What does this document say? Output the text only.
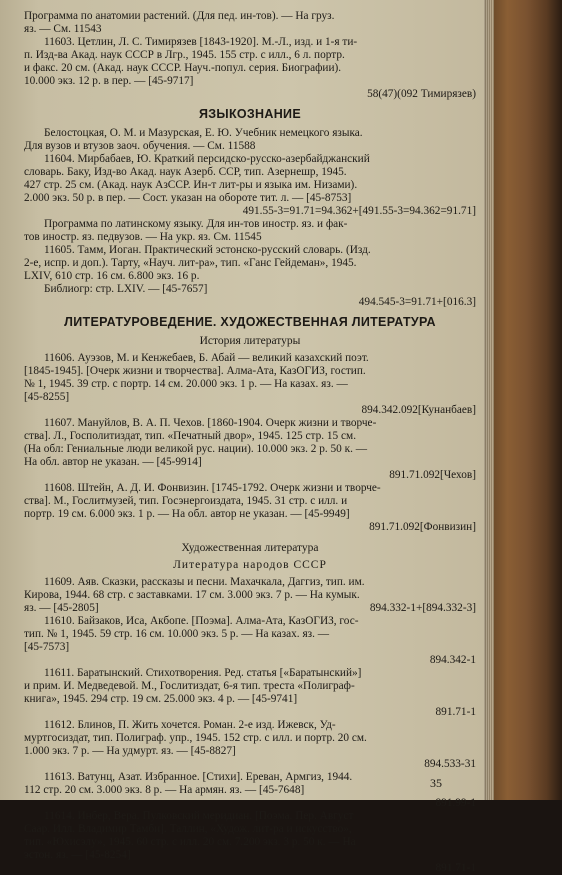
Программа по анатомии растений. (Для пед. ин-тов). — На груз.
яз. — См. 11543
11603. Цетлин, Л. С. Тимирязев [1843-1920]. М.-Л., изд. и 1-я ти-
п. Изд-ва Акад. наук СССР в Лгр., 1945. 155 стр. с илл., 6 л. портр.
и факс. 20 см. (Акад. наук СССР. Науч.-попул. серия. Биографии).
10.000 экз. 12 р. в пер. — [45-9717]
58(47)(092 Тимирязев)
ЯЗЫКОЗНАНИЕ
Белостоцкая, О. М. и Мазурская, Е. Ю. Учебник немецкого языка.
Для вузов и втузов заоч. обучения. — См. 11588
11604. Мирбабаев, Ю. Краткий персидско-русско-азербайджанский
словарь. Баку, Изд-во Акад. наук Азерб. ССР, тип. Азернешр, 1945.
427 стр. 25 см. (Акад. наук АзССР. Ин-т лит-ры и языка им. Низами).
2.000 экз. 50 р. в пер. — Сост. указан на обороте тит. л. — [45-8753]
491.55-3=91.71=94.362+[491.55-3=94.362=91.71]
Программа по латинскому языку. Для ин-тов иностр. яз. и фак-
тов иностр. яз. педвузов. — На укр. яз. См. 11545
11605. Тамм, Иоган. Практический эстонско-русский словарь. (Изд.
2-е, испр. и доп.). Тарту, «Науч. лит-ра», тип. «Ганс Гейдеман», 1945.
LXIV, 610 стр. 16 см. 6.800 экз. 16 р.
Библиогр: стр. LXIV. — [45-7657]
494.545-3=91.71+[016.3]
ЛИТЕРАТУРОВЕДЕНИЕ. ХУДОЖЕСТВЕННАЯ ЛИТЕРАТУРА
История литературы
11606. Ауэзов, М. и Кенжебаев, Б. Абай — великий казахский поэт.
[1845-1945]. [Очерк жизни и творчества]. Алма-Ата, КазОГИЗ, гостип.
№ 1, 1945. 39 стр. с портр. 14 см. 20.000 экз. 1 р. — На казах. яз. —
[45-8255]
894.342.092[Кунанбаев]
11607. Мануйлов, В. А. П. Чехов. [1860-1904. Очерк жизни и творче-
ства]. Л., Госполитиздат, тип. «Печатный двор», 1945. 125 стр. 15 см.
(На обл: Гениальные люди великой рус. нации). 10.000 экз. 2 р. 50 к. —
На обл. автор не указан. — [45-9914]
891.71.092[Чехов]
11608. Штейн, А. Д. И. Фонвизин. [1745-1792. Очерк жизни и творче-
ства]. М., Гослитмузей, тип. Госэнергоиздата, 1945. 31 стр. с илл. и
портр. 19 см. 6.000 экз. 1 р. — На обл. автор не указан. — [45-9949]
891.71.092[Фонвизин]
Художественная литература
Литература народов СССР
11609. Аяв. Сказки, рассказы и песни. Махачкала, Даггиз, тип. им.
Кирова, 1944. 68 стр. с заставками. 17 см. 3.000 экз. 7 р. — На кумык.
яз. — [45-2805]	894.332-1+[894.332-3]
11610. Байзаков, Иса, Акбопе. [Поэма]. Алма-Ата, КазОГИЗ, гос-
тип. № 1, 1945. 59 стр. 16 см. 10.000 экз. 5 р. — На казах. яз. —
[45-7573]
894.342-1
11611. Баратынский. Стихотворения. Ред. статья [«Баратынский»]
и прим. И. Медведевой. М., Гослитиздат, 6-я тип. треста «Полиграф-
книга», 1945. 294 стр. 19 см. 25.000 экз. 4 р. — [45-9741]
891.71-1
11612. Блинов, П. Жить хочется. Роман. 2-е изд. Ижевск, Уд-
муртгосиздат, тип. Полиграф. упр., 1945. 152 стр. с илл. и портр. 20 см.
1.000 экз. 7 р. — На удмурт. яз. — [45-8827]
894.533-31
11613. Ватунц, Азат. Избранное. [Стихи]. Ереван, Армгиз, 1944.
112 стр. 20 см. 3.000 экз. 8 р. — На армян. яз. — [45-7648]
891.99-1
11614. Инбер, Вера. Пулковский меридиан. [Поэма. Пер. Август
Саар. Илл. Владимир Тамби]. Таллин, «Худож. лит-ра и искусство»,
тип. «Юхисэлу», 1945. 60 стр. с илл. 20 см. 7.200 экз. 3 р. 50 к. — На
эстон. яз. — [45-8254]
891.71-1
35
